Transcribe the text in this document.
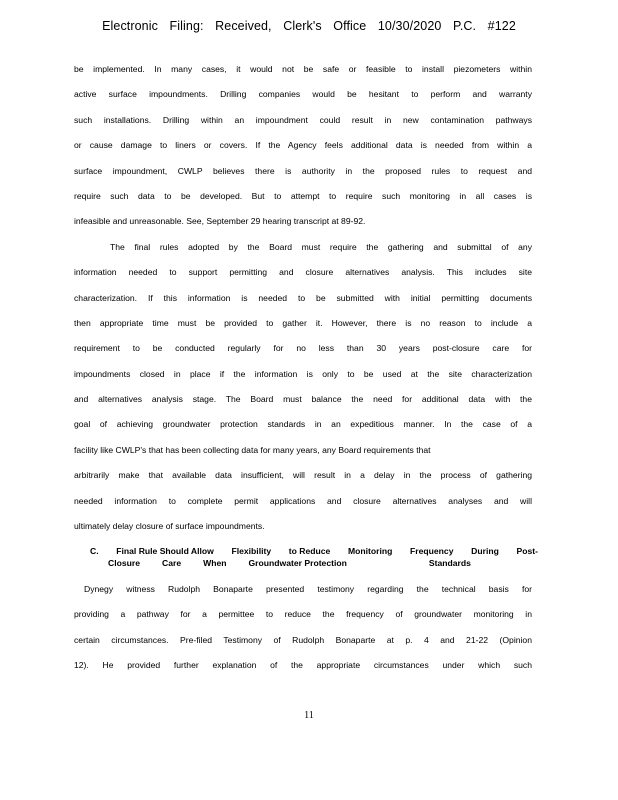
Electronic Filing: Received, Clerk's Office 10/30/2020 P.C. #122
be implemented. In many cases, it would not be safe or feasible to install piezometers within
active surface impoundments. Drilling companies would be hesitant to perform and warranty
such installations. Drilling within an impoundment could result in new contamination pathways
or cause damage to liners or covers. If the Agency feels additional data is needed from within a
surface impoundment, CWLP believes there is authority in the proposed rules to request and
require such data to be developed. But to attempt to require such monitoring in all cases is
infeasible and unreasonable. See, September 29 hearing transcript at 89-92.
The final rules adopted by the Board must require the gathering and submittal of any
information needed to support permitting and closure alternatives analysis. This includes site
characterization. If this information is needed to be submitted with initial permitting documents
then appropriate time must be provided to gather it. However, there is no reason to include a
requirement to be conducted regularly for no less than 30 years post-closure care for
impoundments closed in place if the information is only to be used at the site characterization
and alternatives analysis stage. The Board must balance the need for additional data with the
goal of achieving groundwater protection standards in an expeditious manner. In the case of a
facility like CWLP's that has been collecting data for many years, any Board requirements that
arbitrarily make that available data insufficient, will result in a delay in the process of gathering
needed information to complete permit applications and closure alternatives analyses and will
ultimately delay closure of surface impoundments.
C. Final Rule Should Allow Flexibility to Reduce Monitoring Frequency During Post-
Closure	Care	When	Groundwater Protection	Standards
Dynegy witness Rudolph Bonaparte presented testimony regarding the technical basis for
providing a pathway for a permittee to reduce the frequency of groundwater monitoring in
certain circumstances. Pre-filed Testimony of Rudolph Bonaparte at p. 4 and 21-22 (Opinion
12). He provided further explanation of the appropriate circumstances under which such
11
